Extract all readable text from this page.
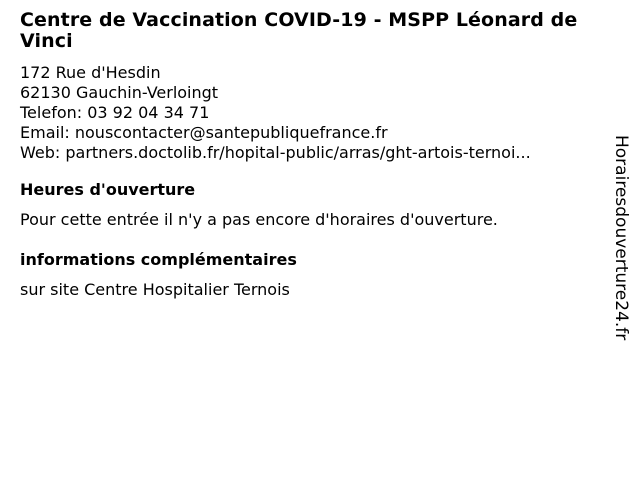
Centre de Vaccination COVID-19 - MSPP Léonard de Vinci
172 Rue d'Hesdin
62130 Gauchin-Verloingt
Telefon: 03 92 04 34 71
Email: nouscontacter@santepubliquefrance.fr
Web: partners.doctolib.fr/hopital-public/arras/ght-artois-ternoi...
Heures d'ouverture
Pour cette entrée il n'y a pas encore d'horaires d'ouverture.
informations complémentaires
sur site Centre Hospitalier Ternois	Horairesdouverture24.fr
